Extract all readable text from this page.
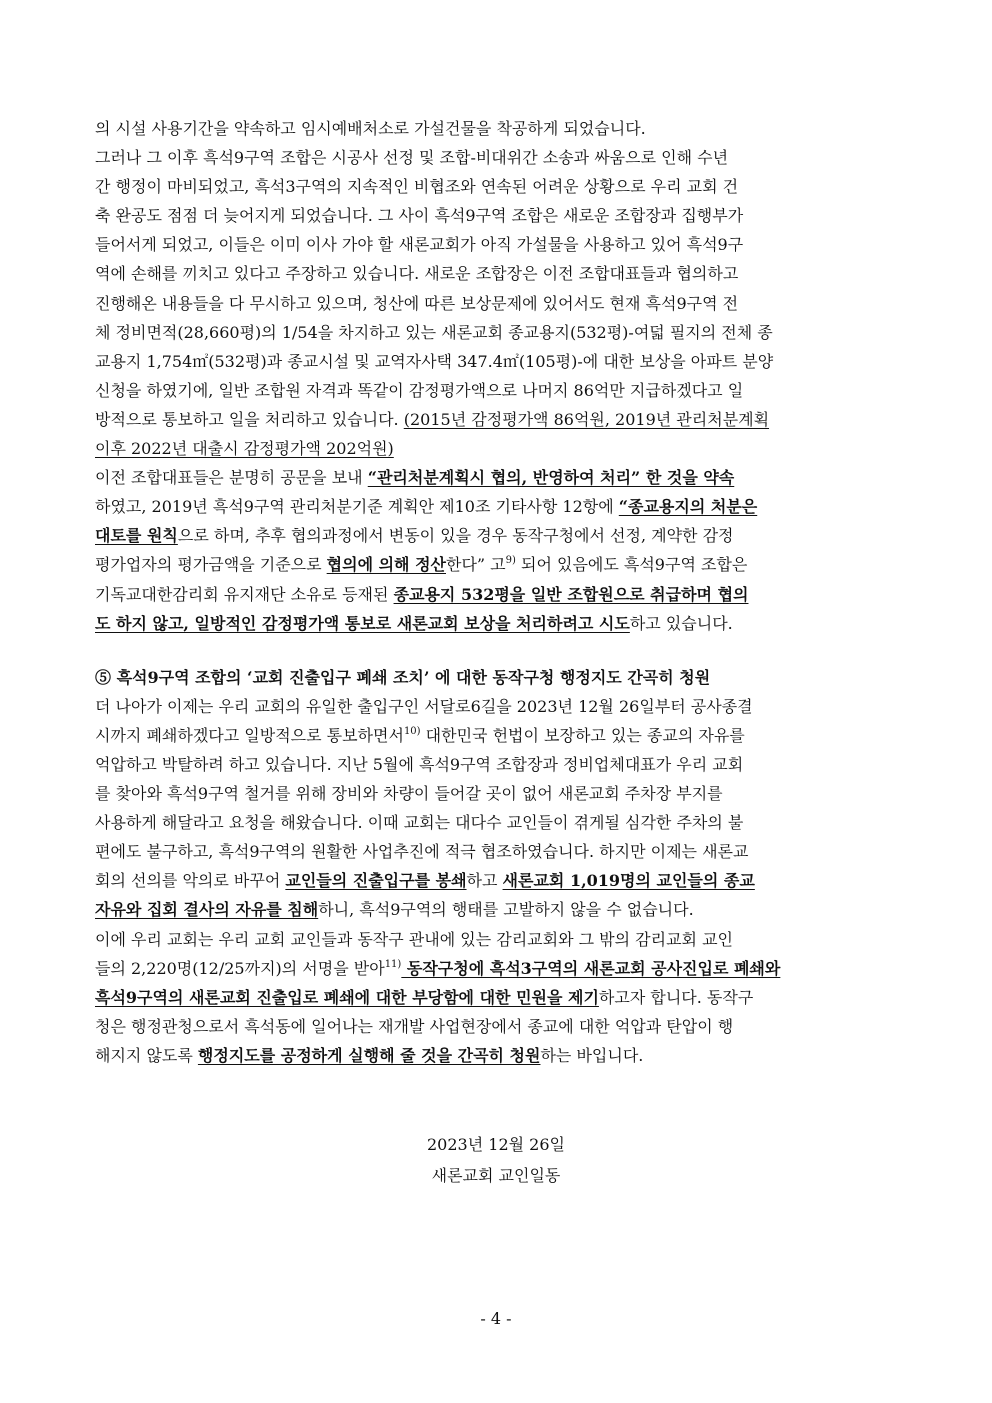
의 시설 사용기간을 약속하고 임시예배처소로 가설건물을 착공하게 되었습니다.
그러나 그 이후 흑석9구역 조합은 시공사 선정 및 조합-비대위간 소송과 싸움으로 인해 수년
간 행정이 마비되었고, 흑석3구역의 지속적인 비협조와 연속된 어려운 상황으로 우리 교회 건
축 완공도 점점 더 늦어지게 되었습니다. 그 사이 흑석9구역 조합은 새로운 조합장과 집행부가
들어서게 되었고, 이들은 이미 이사 가야 할 새론교회가 아직 가설물을 사용하고 있어 흑석9구
역에 손해를 끼치고 있다고 주장하고 있습니다. 새로운 조합장은 이전 조합대표들과 협의하고
진행해온 내용들을 다 무시하고 있으며, 청산에 따른 보상문제에 있어서도 현재 흑석9구역 전
체 정비면적(28,660평)의 1/54을 차지하고 있는 새론교회 종교용지(532평)-여덟 필지의 전체 종
교용지 1,754㎡(532평)과 종교시설 및 교역자사택 347.4㎡(105평)-에 대한 보상을 아파트 분양
신청을 하였기에, 일반 조합원 자격과 똑같이 감정평가액으로 나머지 86억만 지급하겠다고 일
방적으로 통보하고 일을 처리하고 있습니다. (2015년 감정평가액 86억원, 2019년 관리처분계획
이후 2022년 대출시 감정평가액 202억원)
이전 조합대표들은 분명히 공문을 보내 “관리처분계획시 협의, 반영하여 처리” 한 것을 약속
하였고, 2019년 흑석9구역 관리처분기준 계획안 제10조 기타사항 12항에 “종교용지의 처분은
대토를 원칙으로 하며, 추후 협의과정에서 변동이 있을 경우 동작구청에서 선정, 계약한 감정
평가업자의 평가금액을 기준으로 협의에 의해 정산한다” 고$^{9)}$ 되어 있음에도 흑석9구역 조합은
기독교대한감리회 유지재단 소유로 등재된 종교용지 532평을 일반 조합원으로 취급하며 협의
도 하지 않고, 일방적인 감정평가액 통보로 새론교회 보상을 처리하려고 시도하고 있습니다.
⑤ 흑석9구역 조합의 ‘교회 진출입구 폐쇄 조치’ 에 대한 동작구청 행정지도 간곡히 청원
더 나아가 이제는 우리 교회의 유일한 출입구인 서달로6길을 2023년 12월 26일부터 공사종결
시까지 폐쇄하겠다고 일방적으로 통보하면서$^{10)}$ 대한민국 헌법이 보장하고 있는 종교의 자유를
억압하고 박탈하려 하고 있습니다. 지난 5월에 흑석9구역 조합장과 정비업체대표가 우리 교회
를 찾아와 흑석9구역 철거를 위해 장비와 차량이 들어갈 곳이 없어 새론교회 주차장 부지를
사용하게 해달라고 요청을 해왔습니다. 이때 교회는 대다수 교인들이 겪게될 심각한 주차의 불
편에도 불구하고, 흑석9구역의 원활한 사업추진에 적극 협조하였습니다. 하지만 이제는 새론교
회의 선의를 악의로 바꾸어 교인들의 진출입구를 봉쇄하고 새론교회 1,019명의 교인들의 종교
자유와 집회 결사의 자유를 침해하니, 흑석9구역의 행태를 고발하지 않을 수 없습니다.
이에 우리 교회는 우리 교회 교인들과 동작구 관내에 있는 감리교회와 그 밖의 감리교회 교인
들의 2,220명(12/25까지)의 서명을 받아$^{11)}$ 동작구청에 흑석3구역의 새론교회 공사진입로 폐쇄와
흑석9구역의 새론교회 진출입로 폐쇄에 대한 부당함에 대한 민원을 제기하고자 합니다. 동작구
청은 행정관청으로서 흑석동에 일어나는 재개발 사업현장에서 종교에 대한 억압과 탄압이 행
해지지 않도록 행정지도를 공정하게 실행해 줄 것을 간곡히 청원하는 바입니다.
2023년 12월 26일
새론교회 교인일동
- 4 -
